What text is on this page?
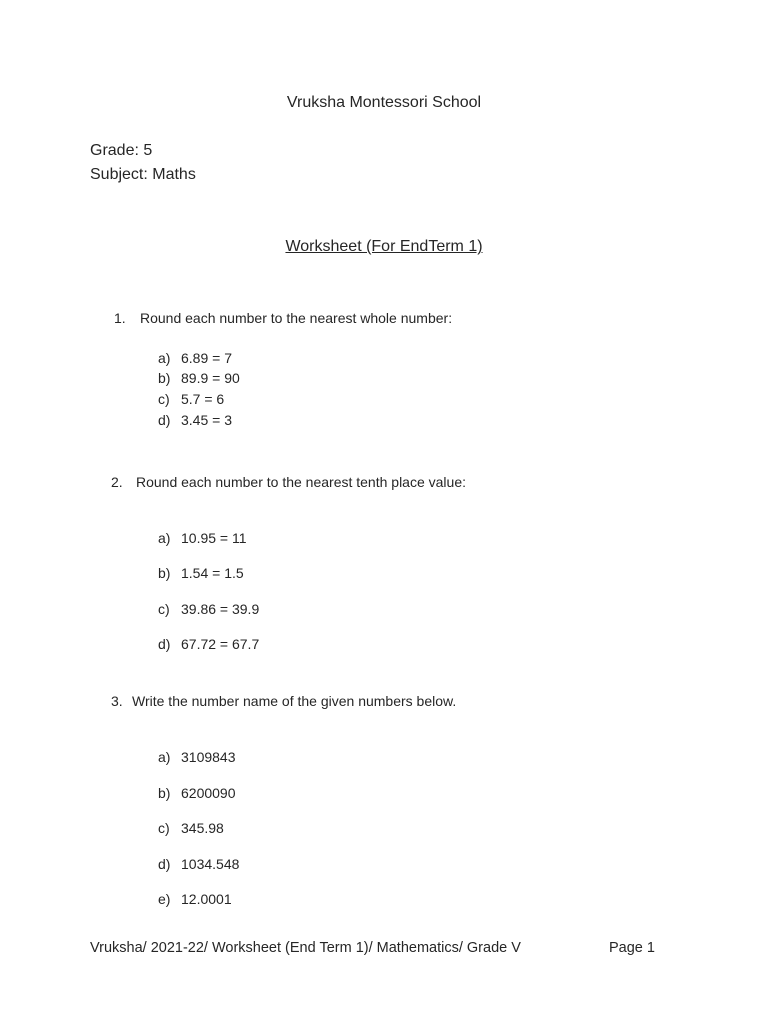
Vruksha Montessori School
Grade: 5
Subject: Maths
Worksheet (For EndTerm 1)
1. Round each number to the nearest whole number:
a) 6.89 = 7
b) 89.9 = 90
c) 5.7 = 6
d) 3.45 = 3
2. Round each number to the nearest tenth place value:
a) 10.95 = 11
b) 1.54 = 1.5
c) 39.86 = 39.9
d) 67.72 = 67.7
3. Write the number name of the given numbers below.
a) 3109843
b) 6200090
c) 345.98
d) 1034.548
e) 12.0001
Vruksha/ 2021-22/ Worksheet (End Term 1)/ Mathematics/ Grade V	Page 1
